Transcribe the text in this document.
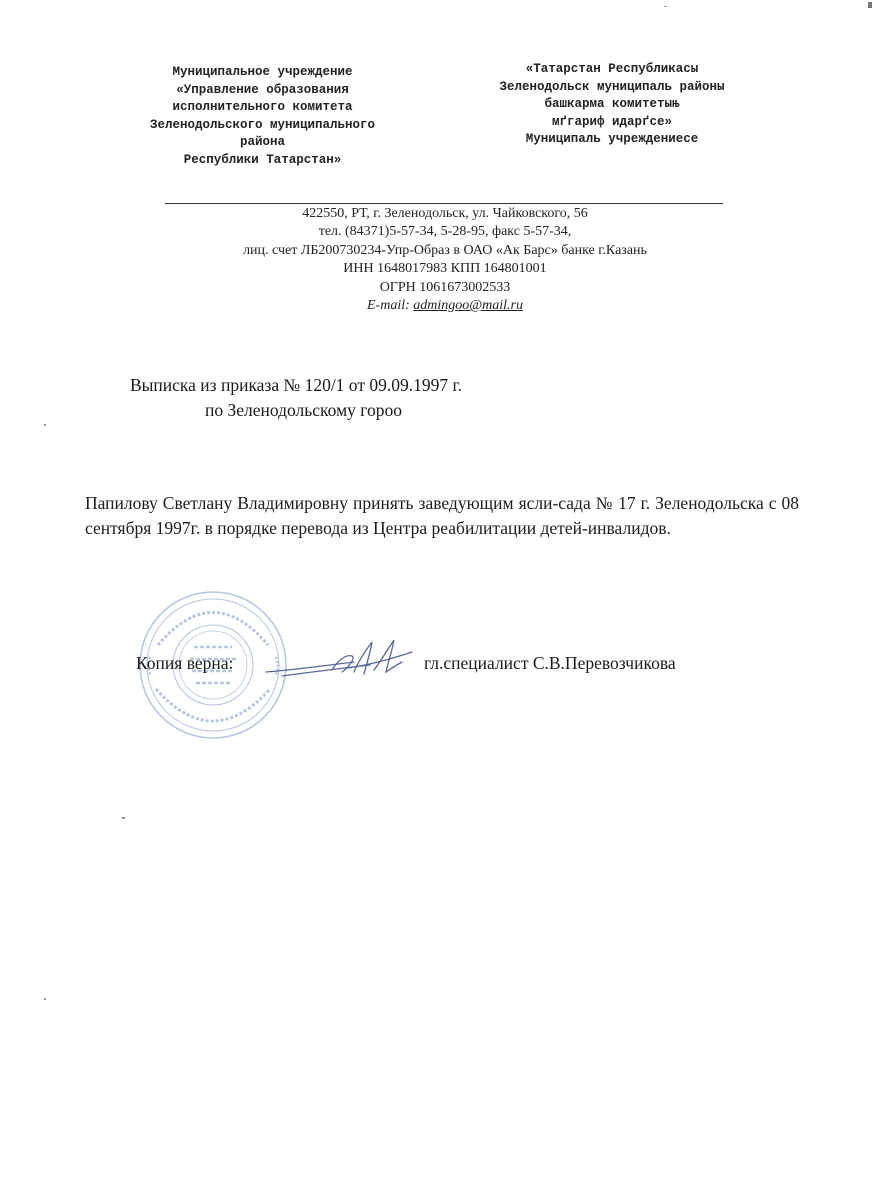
Муниципальное учреждение
«Управление образования
исполнительного комитета
Зеленодольского муниципального
района
Республики Татарстан»
«Татарстан Республикасы
Зеленодольск муниципаль районы
башкарма комитетыњ
мґгариф идарґсе»
Муниципаль учреждениесе
422550, РТ, г. Зеленодольск, ул. Чайковского, 56
тел. (84371)5-57-34, 5-28-95, факс 5-57-34,
лиц. счет ЛБ200730234-Упр-Образ в ОАО «Ак Барс» банке г.Казань
ИНН 1648017983 КПП 164801001
ОГРН 1061673002533
E-mail: admingoo@mail.ru
Выписка из приказа № 120/1 от 09.09.1997 г.
по Зеленодольскому гороо
Папилову Светлану Владимировну принять заведующим ясли-сада № 17 г. Зеленодольска с 08 сентября 1997г. в порядке перевода из Центра реабилитации детей-инвалидов.
Копия верна:	гл.специалист С.В.Перевозчикова
